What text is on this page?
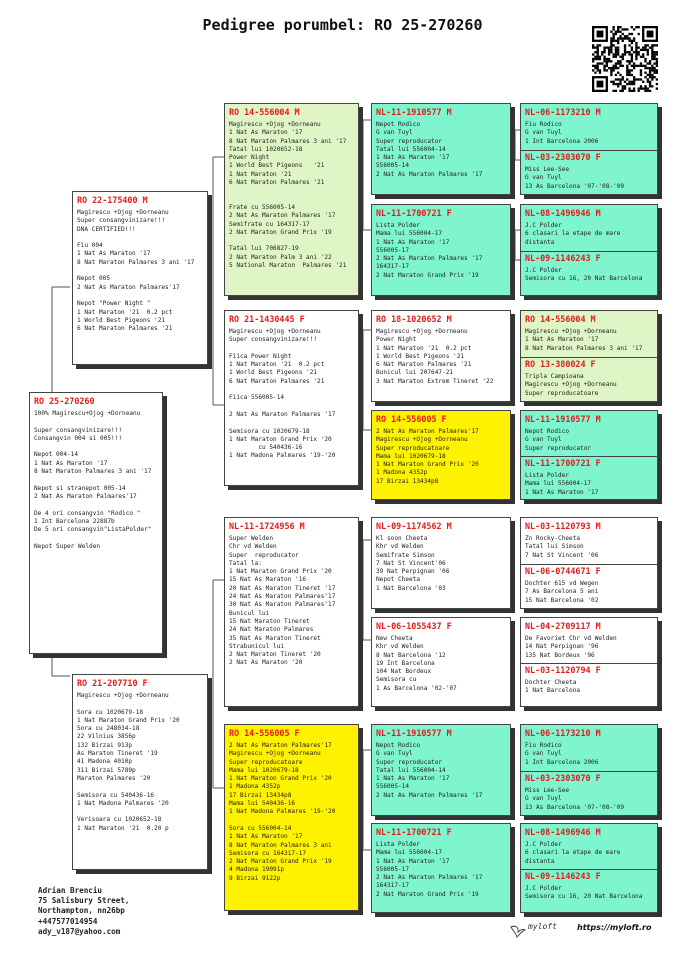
Pedigree porumbel: RO 25-270260
RO 25-270260
100% Magirescu+Ojog +Dorneanu

Super consangvinizare!!!
Consangvin 004 si 005!!!

Nepot 004-14
1 Nat As Maraton '17
8 Nat Maraton Palmares 3 ani '17

Nepot si stranepot 005-14
2 Nat As Maraton Palmares'17

De 4 ori consangvin "Rodico "
1 Int Barcelona 22887b
De 5 ori consangvin"ListaPolder"

Nepot Super Welden
RO 22-175400 M
Magirescu +Ojog +Dorneanu
Super consangvinizare!!!
DNA CERTIFIED!!!

Fiu 004
1 Nat As Maraton '17
8 Nat Maraton Palmares 3 ani '17

Nepot 005
2 Nat As Maraton Palmares'17

Nepot "Power Night "
1 Nat Maraton '21  0.2 pct
1 World Best Pigeons '21
6 Nat Maraton Palmares '21
RO 21-207710 F
Magirescu +Ojog +Dorneanu

Sora cu 1020679-18
1 Nat Maraton Grand Prix '20
Sora cu 248034-18
22 Vilnius 3856p
132 Birzai 913p
As Maraton Tineret '19
41 Madona 4010p
311 Birzai 5789p
Maraton Palmares '20

Semisora cu 540436-16
1 Nat Madona Palmares '20

Verisoara cu 1020652-18
1 Nat Maraton '21  0.20 p
RO 14-556004 M
Magirescu +Ojog +Dorneanu
1 Nat As Maraton '17
8 Nat Maraton Palmares 3 ani '17
Tatal lui 1020652-18
Power Night
1 World Best Pigeons   '21
1 Nat Maraton '21
6 Nat Maraton Palmares '21

Frate cu 556005-14
2 Nat As Maraton Palmares '17
Semifrate cu 164317-17
2 Nat Maraton Grand Prix '19

Tatal lui 706827-19
2 Nat Maraton Palm 3 ani '22
5 National Maraton  Palmares '21
RO 21-1430445 F
Magirescu +Ojog +Dorneanu
Super consangvinizare!!!

Fiica Power Night
1 Nat Maraton '21  0.2 pct
1 World Best Pigeons '21
6 Nat Maraton Palmares '21

Fiica 556005-14

2 Nat As Maraton Palmares '17

Semisora cu 1020679-18
1 Nat Maraton Grand Prix '20
cu 540436-16
1 Nat Madona Palmares '19-'20
NL-11-1724956 M
Super Welden
Chr vd Welden
Super  reproducator
Tatal la:
1 Nat Maraton Grand Prix '20
15 Nat As Maraton '16
20 Nat As Maraton Tineret '17
24 Nat As Maraton Palmares'17
30 Nat As Maraton Palmares'17
Bunicul lui
15 Nat Maraton Tineret
24 Nat Maraton Palmares
35 Nat As Maraton Tineret
Strabunicul lui
2 Nat Maraton Tineret '20
2 Nat As Maraton '20
RO 14-556005 F
2 Nat As Maraton Palmares'17
Magirescu +Ojog +Dorneanu
Super reproducatoare
Mama lui 1020679-18
1 Nat Maraton Grand Prix '20
1 Madona 4352p
17 Birzai 13434p8
Mama lui 540436-16
1 Nat Madona Palmares '19-'20

Sora cu 556004-14
1 Nat As Maraton '17
8 Nat Maraton Palmares 3 ani
Semisora cu 164317-17
2 Nat Maraton Grand Prix '19
4 Madona 19091p
9 Birzai 9122p
NL-11-1910577 M
Nepot Rodico
G van Tuyl
Super reproducator
Tatal lui 556004-14
1 Nat As Maraton '17
556005-14
2 Nat As Maraton Palmares '17
NL-11-1700721 F
Lista Polder
Mama lui 556004-17
1 Nat As Maraton '17
556005-17
2 Nat As Maraton Palmares '17
164317-17
2 Nat Maraton Grand Prix '19
RO 18-1020652 M
Magirescu +Ojog +Dorneanu
Power Night
1 Nat Maraton '21  0.2 pct
1 World Best Pigeons '21
6 Nat Maraton Palmares '21
Bunicul lui 207647-21
3 Nat Maraton Extrem Tineret '22
RO 14-556005 F
2 Nat As Maraton Palmares'17
Magirescu +Ojog +Dorneanu
Super reproducatoare
Mama lui 1020679-18
1 Nat Maraton Grand Prix '20
1 Madona 4352p
17 Birzai 13434p8
NL-09-1174562 M
Kl soon Cheeta
Khr vd Welden
Semifrate Simson
7 Nat St Vincent'06
39 Nat Perpignan '06
Nepot Cheeta
1 Nat Barcelona '03
NL-06-1055437 F
New Cheeta
Khr vd Welden
8 Nat Barcelona '12
19 Int Barcelona
104 Nat Bordeux
Semisora cu
1 As Barcelona '02-'07
NL-11-1910577 M
Nepot Rodico
G van Tuyl
Super reproducator
Tatal lui 556004-14
1 Nat As Maraton '17
556005-14
2 Nat As Maraton Palmares '17
NL-11-1700721 F
Lista Polder
Mama lui 556004-17
1 Nat As Maraton '17
556005-17
2 Nat As Maraton Palmares '17
164317-17
2 Nat Maraton Grand Prix '19
NL-06-1173210 M
Fiu Rodico
G van Tuyl
1 Int Barcelona 2006
NL-03-2303070 F
Miss Lee-See
G van Tuyl
13 As Barcelona '07-'08-'09
NL-08-1496946 M
J.C Polder
6 clasari la etape de mare
distanta
NL-09-1146243 F
J.C Polder
Semisora cu 16, 20 Nat Barcelona
RO 14-556004 M
Magirescu +Ojog +Dorneanu
1 Nat As Maraton '17
8 Nat Maraton Palmares 3 ani '17
RO 13-380024 F
Tripla Campioana
Magirescu +Ojog +Dorneanu
Super reproducatoare
NL-11-1910577 M
Nepot Rodico
G van Tuyl
Super reproducator
NL-11-1700721 F
Lista Polder
Mama lui 556004-17
1 Nat As Maraton '17
NL-03-1120793 M
Zn Rocky-Cheeta
Tatal lui Simson
7 Nat St Vincent '06
NL-06-0744671 F
Dochter 615 vd Wegen
7 As Barcelona 5 ani
15 Nat Barcelona '02
NL-04-2709117 M
De Favoriet Chr vd Welden
14 Nat Perpignan '96
135 Nat Bordeux '96
NL-03-1120794 F
Dochter Cheeta
1 Nat Barcelona
NL-06-1173210 M
Fiu Rodico
G van Tuyl
1 Int Barcelona 2006
NL-03-2303070 F
Miss Lee-See
G van Tuyl
13 As Barcelona '07-'08-'09
NL-08-1496946 M
J.C Polder
6 clasari la etape de mare
distanta
NL-09-1146243 F
J.C Polder
Semisora cu 16, 20 Nat Barcelona
Adrian Brenciu
75 Salisbury Street,
Northampton, nn26bp
+447577014954
ady_v187@yahoo.com
myloft	https://myloft.ro
